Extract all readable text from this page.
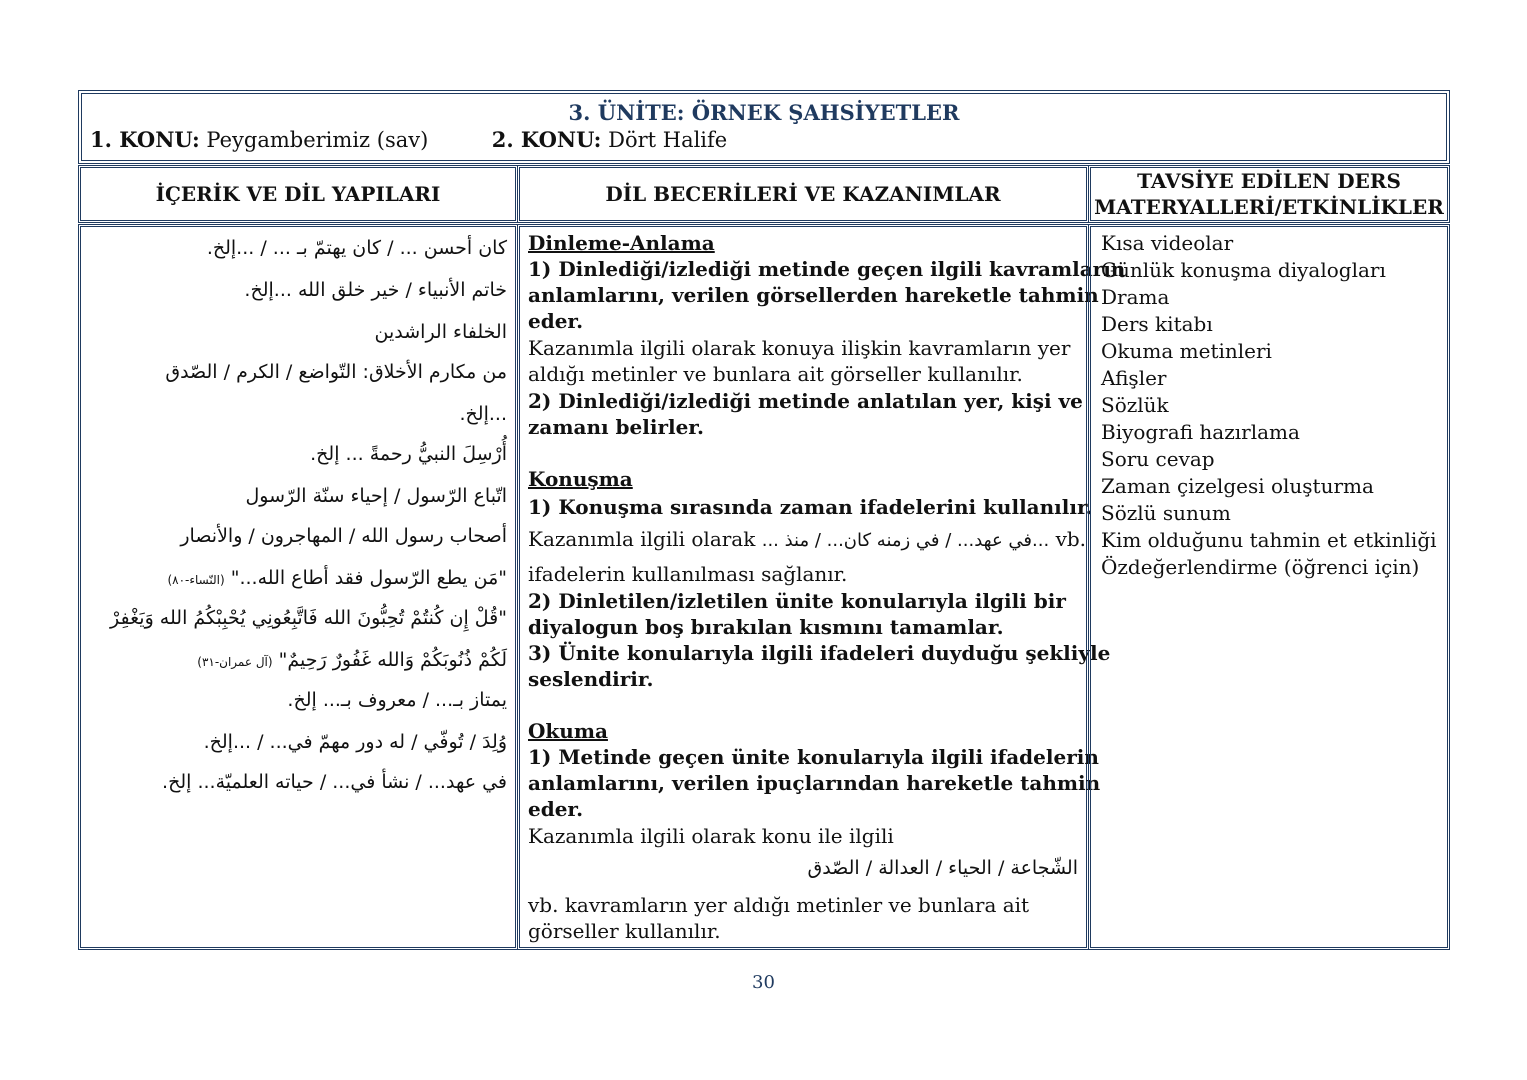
3. ÜNİTE: ÖRNEK ŞAHSİYETLER
1. KONU: Peygamberimiz (sav)	2. KONU: Dört Halife
İÇERİK VE DİL YAPILARI	DİL BECERİLERİ VE KAZANIMLAR
TAVSİYE EDİLEN DERS
MATERYALLERİ/ETKİNLİKLER
كان أحسن ... / كان يهتمّ بـ ... / ...إلخ.
خاتم الأنبياء / خير خلق الله ...إلخ.
الخلفاء الراشدين
من مكارم الأخلاق: التّواضع / الكرم / الصّدق
...إلخ.
أُرْسِلَ النبيُّ رحمةً ... إلخ.
اتّباع الرّسول / إحياء سنّة الرّسول
أصحاب رسول الله / المهاجرون / والأنصار
"مَن يطع الرّسول فقد أطاع الله..." (النّساء-٨٠)
"قُلْ إِن كُنتُمْ تُحِبُّونَ الله فَاتَّبِعُونِي يُحْبِبْكُمُ الله وَيَغْفِرْ
لَكُمْ ذُنُوبَكُمْ وَالله غَفُورٌ رَحِيمٌ" (آل عمران-٣١)
يمتاز بـ... / معروف بـ... إلخ.
وُلِدَ / تُوفّي / له دور مهمّ في... / ...إلخ.
في عهد... / نشأ في... / حياته العلميّة... إلخ.
Dinleme-Anlama
1) Dinlediği/izlediği metinde geçen ilgili kavramların
anlamlarını, verilen görsellerden hareketle tahmin
eder.
Kazanımla ilgili olarak konuya ilişkin kavramların yer
aldığı metinler ve bunlara ait görseller kullanılır.
2) Dinlediği/izlediği metinde anlatılan yer, kişi ve
zamanı belirler.
Konuşma
1) Konuşma sırasında zaman ifadelerini kullanılır.
Kazanımla ilgili olarak ...في عهد... / في زمنه كان... / منذ ... vb.
ifadelerin kullanılması sağlanır.
2) Dinletilen/izletilen ünite konularıyla ilgili bir
diyalogun boş bırakılan kısmını tamamlar.
3) Ünite konularıyla ilgili ifadeleri duyduğu şekliyle
seslendirir.
Okuma
1) Metinde geçen ünite konularıyla ilgili ifadelerin
anlamlarını, verilen ipuçlarından hareketle tahmin
eder.
Kazanımla ilgili olarak konu ile ilgili
الشّجاعة / الحياء / العدالة / الصّدق
vb. kavramların yer aldığı metinler ve bunlara ait
görseller kullanılır.
Kısa videolar
Günlük konuşma diyalogları
Drama
Ders kitabı
Okuma metinleri
Afişler
Sözlük
Biyografi hazırlama
Soru cevap
Zaman çizelgesi oluşturma
Sözlü sunum
Kim olduğunu tahmin et etkinliği
Özdeğerlendirme (öğrenci için)
30
